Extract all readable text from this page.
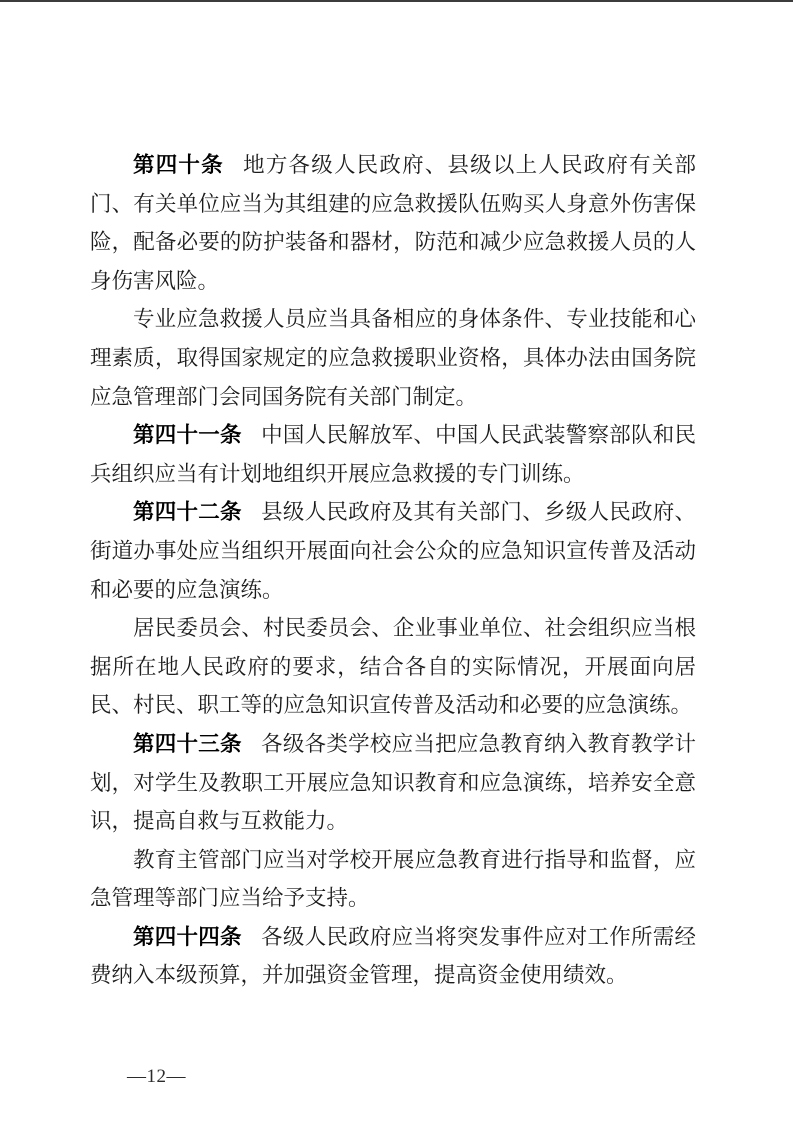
第四十条 地方各级人民政府、县级以上人民政府有关部门、有关单位应当为其组建的应急救援队伍购买人身意外伤害保险，配备必要的防护装备和器材，防范和减少应急救援人员的人身伤害风险。

专业应急救援人员应当具备相应的身体条件、专业技能和心理素质，取得国家规定的应急救援职业资格，具体办法由国务院应急管理部门会同国务院有关部门制定。

第四十一条 中国人民解放军、中国人民武装警察部队和民兵组织应当有计划地组织开展应急救援的专门训练。

第四十二条 县级人民政府及其有关部门、乡级人民政府、街道办事处应当组织开展面向社会公众的应急知识宣传普及活动和必要的应急演练。

居民委员会、村民委员会、企业事业单位、社会组织应当根据所在地人民政府的要求，结合各自的实际情况，开展面向居民、村民、职工等的应急知识宣传普及活动和必要的应急演练。

第四十三条 各级各类学校应当把应急教育纳入教育教学计划，对学生及教职工开展应急知识教育和应急演练，培养安全意识，提高自救与互救能力。

教育主管部门应当对学校开展应急教育进行指导和监督，应急管理等部门应当给予支持。

第四十四条 各级人民政府应当将突发事件应对工作所需经费纳入本级预算，并加强资金管理，提高资金使用绩效。

—12—
